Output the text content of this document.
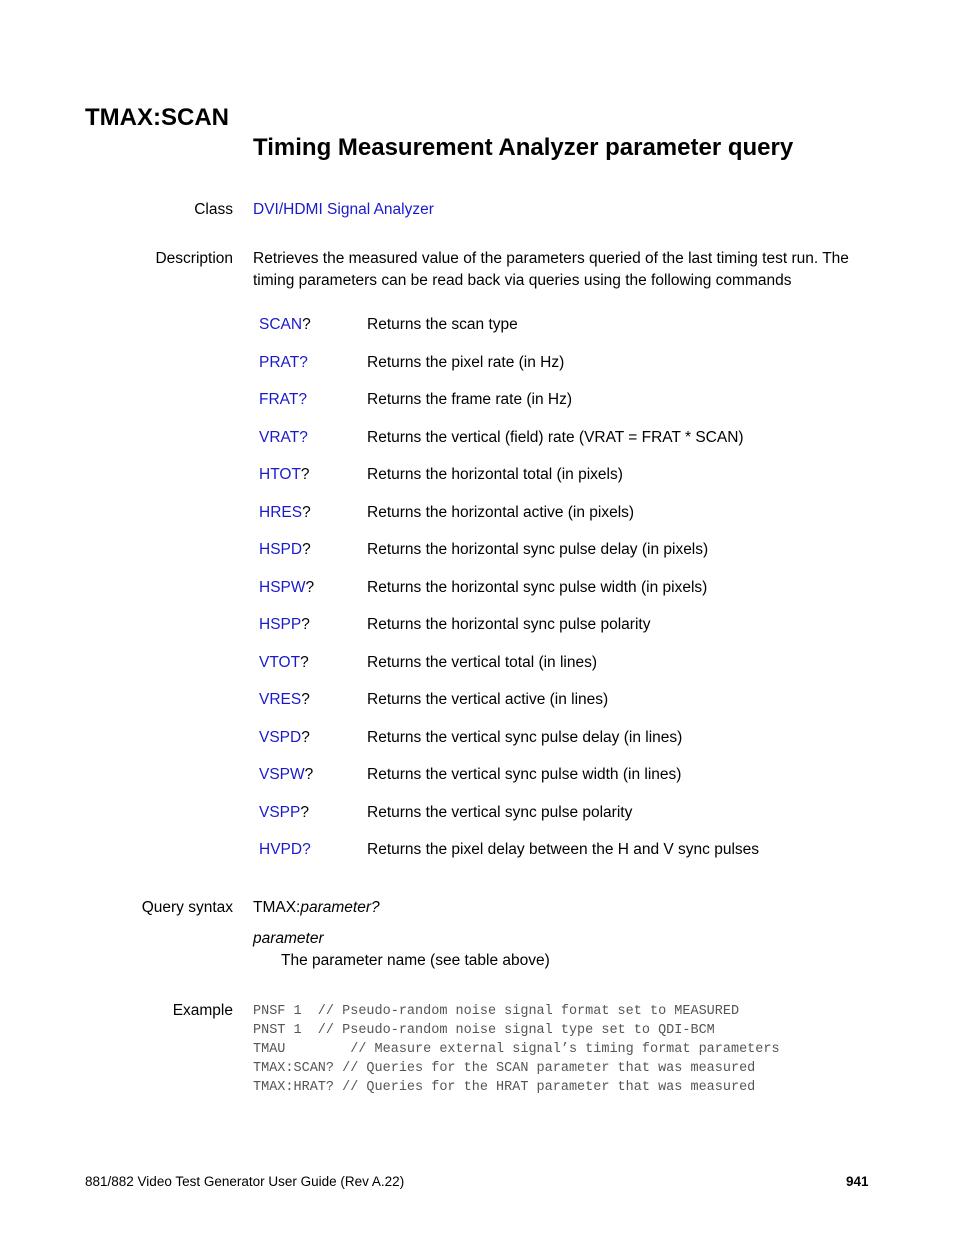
TMAX:SCAN
Timing Measurement Analyzer parameter query
Class DVI/HDMI Signal Analyzer
Description Retrieves the measured value of the parameters queried of the last timing test run. The timing parameters can be read back via queries using the following commands
SCAN?	Returns the scan type
PRAT?	Returns the pixel rate (in Hz)
FRAT?	Returns the frame rate (in Hz)
VRAT?	Returns the vertical (field) rate (VRAT = FRAT * SCAN)
HTOT?	Returns the horizontal total (in pixels)
HRES?	Returns the horizontal active (in pixels)
HSPD?	Returns the horizontal sync pulse delay (in pixels)
HSPW?	Returns the horizontal sync pulse width (in pixels)
HSPP?	Returns the horizontal sync pulse polarity
VTOT?	Returns the vertical total (in lines)
VRES?	Returns the vertical active (in lines)
VSPD?	Returns the vertical sync pulse delay (in lines)
VSPW?	Returns the vertical sync pulse width (in lines)
VSPP?	Returns the vertical sync pulse polarity
HVPD?	Returns the pixel delay between the H and V sync pulses
Query syntax TMAX:parameter?
parameter
The parameter name (see table above)
Example PNSF 1  // Pseudo-random noise signal format set to MEASURED
PNST 1  // Pseudo-random noise signal type set to QDI-BCM
TMAU        // Measure external signal’s timing format parameters
TMAX:SCAN? // Queries for the SCAN parameter that was measured
TMAX:HRAT? // Queries for the HRAT parameter that was measured
881/882 Video Test Generator User Guide (Rev A.22)	941
